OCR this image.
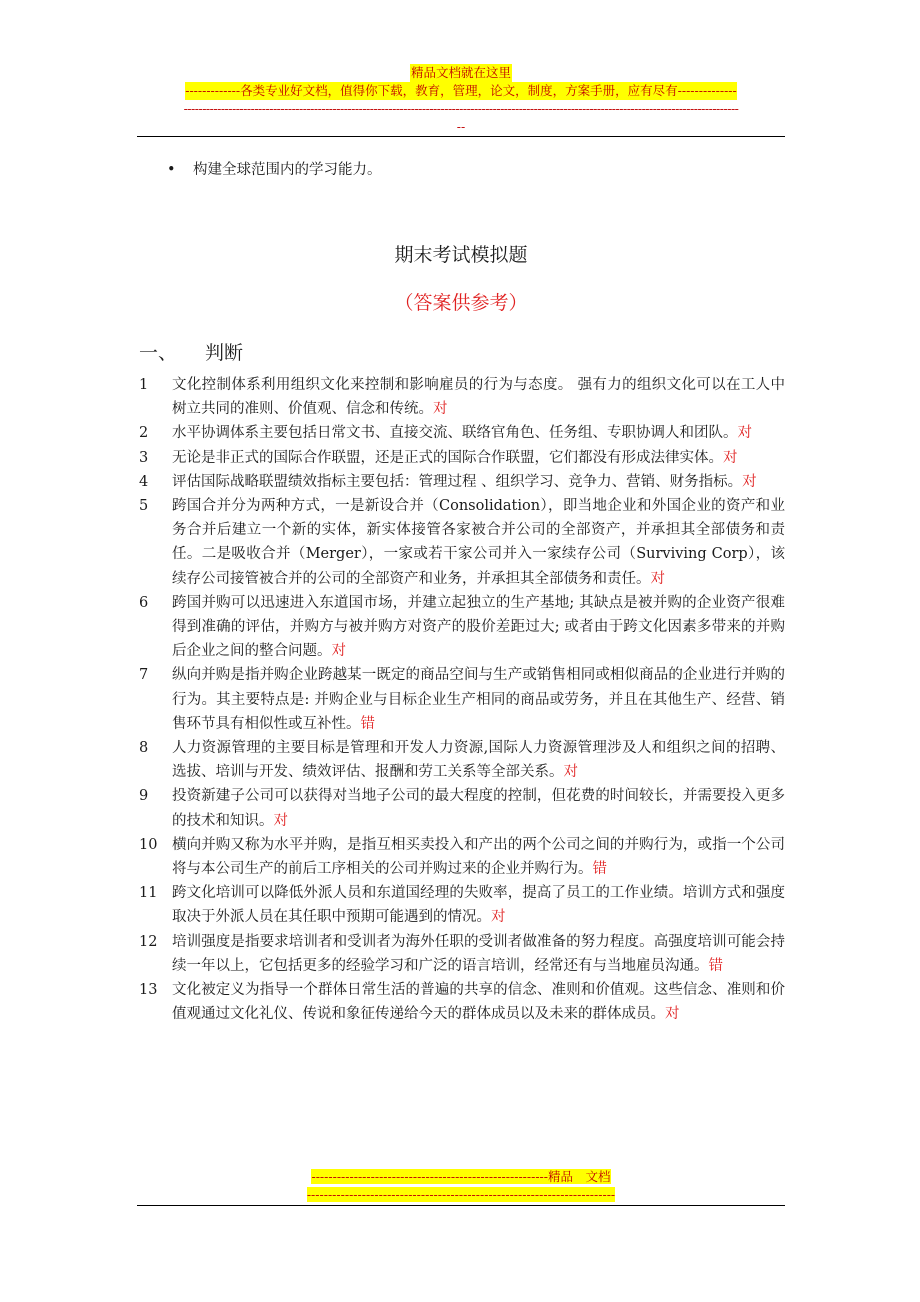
精品文档就在这里
-------------各类专业好文档，值得你下载，教育，管理，论文，制度，方案手册，应有尽有--------------
-----------------------------------------------------------------------------------------------------------------------------------------------------
--
• 构建全球范围内的学习能力。
期末考试模拟题
（答案供参考）
一、 判断
1	文化控制体系利用组织文化来控制和影响雇员的行为与态度。 强有力的组织文化可以在工人中树立共同的准则、价值观、信念和传统。对
2	水平协调体系主要包括日常文书、直接交流、联络官角色、任务组、专职协调人和团队。对
3	无论是非正式的国际合作联盟，还是正式的国际合作联盟，它们都没有形成法律实体。对
4	评估国际战略联盟绩效指标主要包括：管理过程 、组织学习、竞争力、营销、财务指标。对
5	跨国合并分为两种方式，一是新设合并（Consolidation），即当地企业和外国企业的资产和业务合并后建立一个新的实体，新实体接管各家被合并公司的全部资产，并承担其全部债务和责任。二是吸收合并（Merger），一家或若干家公司并入一家续存公司（Surviving Corp），该续存公司接管被合并的公司的全部资产和业务，并承担其全部债务和责任。对
6	跨国并购可以迅速进入东道国市场，并建立起独立的生产基地; 其缺点是被并购的企业资产很难得到准确的评估，并购方与被并购方对资产的股价差距过大; 或者由于跨文化因素多带来的并购后企业之间的整合问题。对
7	纵向并购是指并购企业跨越某一既定的商品空间与生产或销售相同或相似商品的企业进行并购的行为。其主要特点是: 并购企业与目标企业生产相同的商品或劳务，并且在其他生产、经营、销售环节具有相似性或互补性。错
8	人力资源管理的主要目标是管理和开发人力资源,国际人力资源管理涉及人和组织之间的招聘、选拔、培训与开发、绩效评估、报酬和劳工关系等全部关系。对
9	投资新建子公司可以获得对当地子公司的最大程度的控制，但花费的时间较长，并需要投入更多的技术和知识。对
10	横向并购又称为水平并购，是指互相买卖投入和产出的两个公司之间的并购行为，或指一个公司将与本公司生产的前后工序相关的公司并购过来的企业并购行为。错
11	跨文化培训可以降低外派人员和东道国经理的失败率，提高了员工的工作业绩。培训方式和强度取决于外派人员在其任职中预期可能遇到的情况。对
12	培训强度是指要求培训者和受训者为海外任职的受训者做准备的努力程度。高强度培训可能会持续一年以上，它包括更多的经验学习和广泛的语言培训，经常还有与当地雇员沟通。错
13	文化被定义为指导一个群体日常生活的普遍的共享的信念、准则和价值观。这些信念、准则和价值观通过文化礼仪、传说和象征传递给今天的群体成员以及未来的群体成员。对
--------------------------------------------------------精品　文档
-------------------------------------------------------------------------
